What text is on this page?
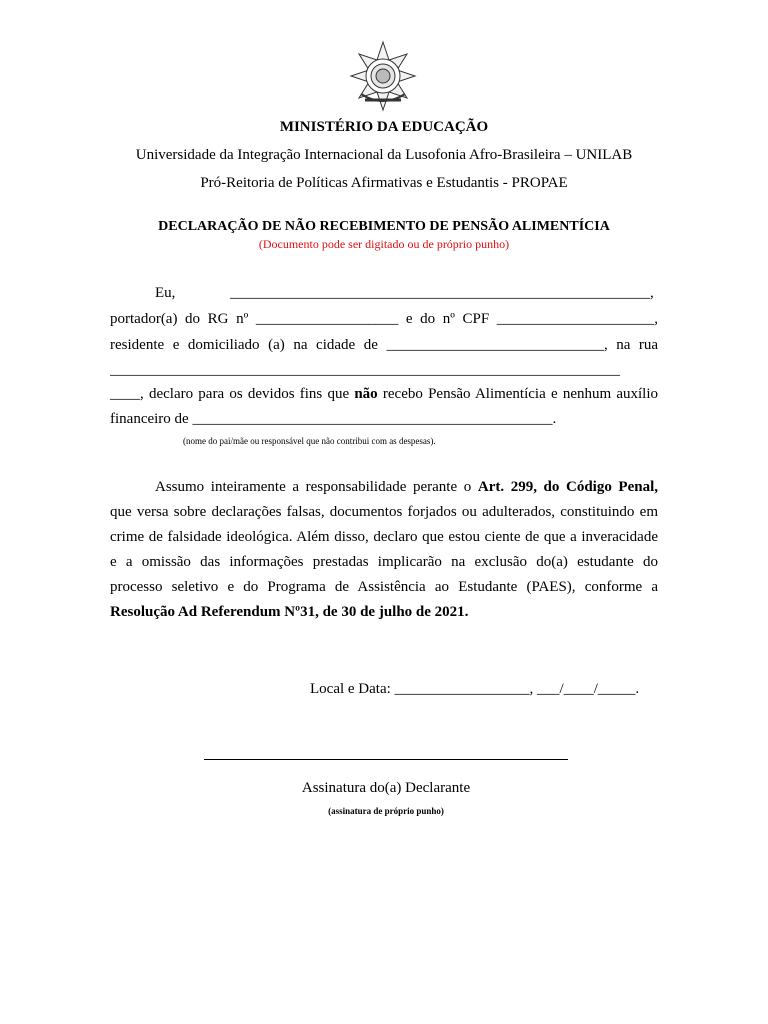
MINISTÉRIO DA EDUCAÇÃO
Universidade da Integração Internacional da Lusofonia Afro-Brasileira – UNILAB
Pró-Reitoria de Políticas Afirmativas e Estudantis - PROPAE
DECLARAÇÃO DE NÃO RECEBIMENTO DE PENSÃO ALIMENTÍCIA
(Documento pode ser digitado ou de próprio punho)
Eu,	________________________________________________________,
portador(a) do RG nº ___________________ e do nº CPF _____________________,
residente e domiciliado (a) na cidade de _____________________________, na rua
____________________________________________________________________
____, declaro para os devidos fins que não recebo Pensão Alimentícia e nenhum auxílio
financeiro de ________________________________________________.
(nome do pai/mãe ou responsável que não contribui com as despesas).
Assumo inteiramente a responsabilidade perante o Art. 299, do Código Penal,
que versa sobre declarações falsas, documentos forjados ou adulterados, constituindo em
crime de falsidade ideológica. Além disso, declaro que estou ciente de que a inveracidade
e a omissão das informações prestadas implicarão na exclusão do(a) estudante do
processo seletivo e do Programa de Assistência ao Estudante (PAES), conforme a
Resolução Ad Referendum Nº31, de 30 de julho de 2021.
Local e Data: __________________, ___/____/_____.
Assinatura do(a) Declarante
(assinatura de próprio punho)
